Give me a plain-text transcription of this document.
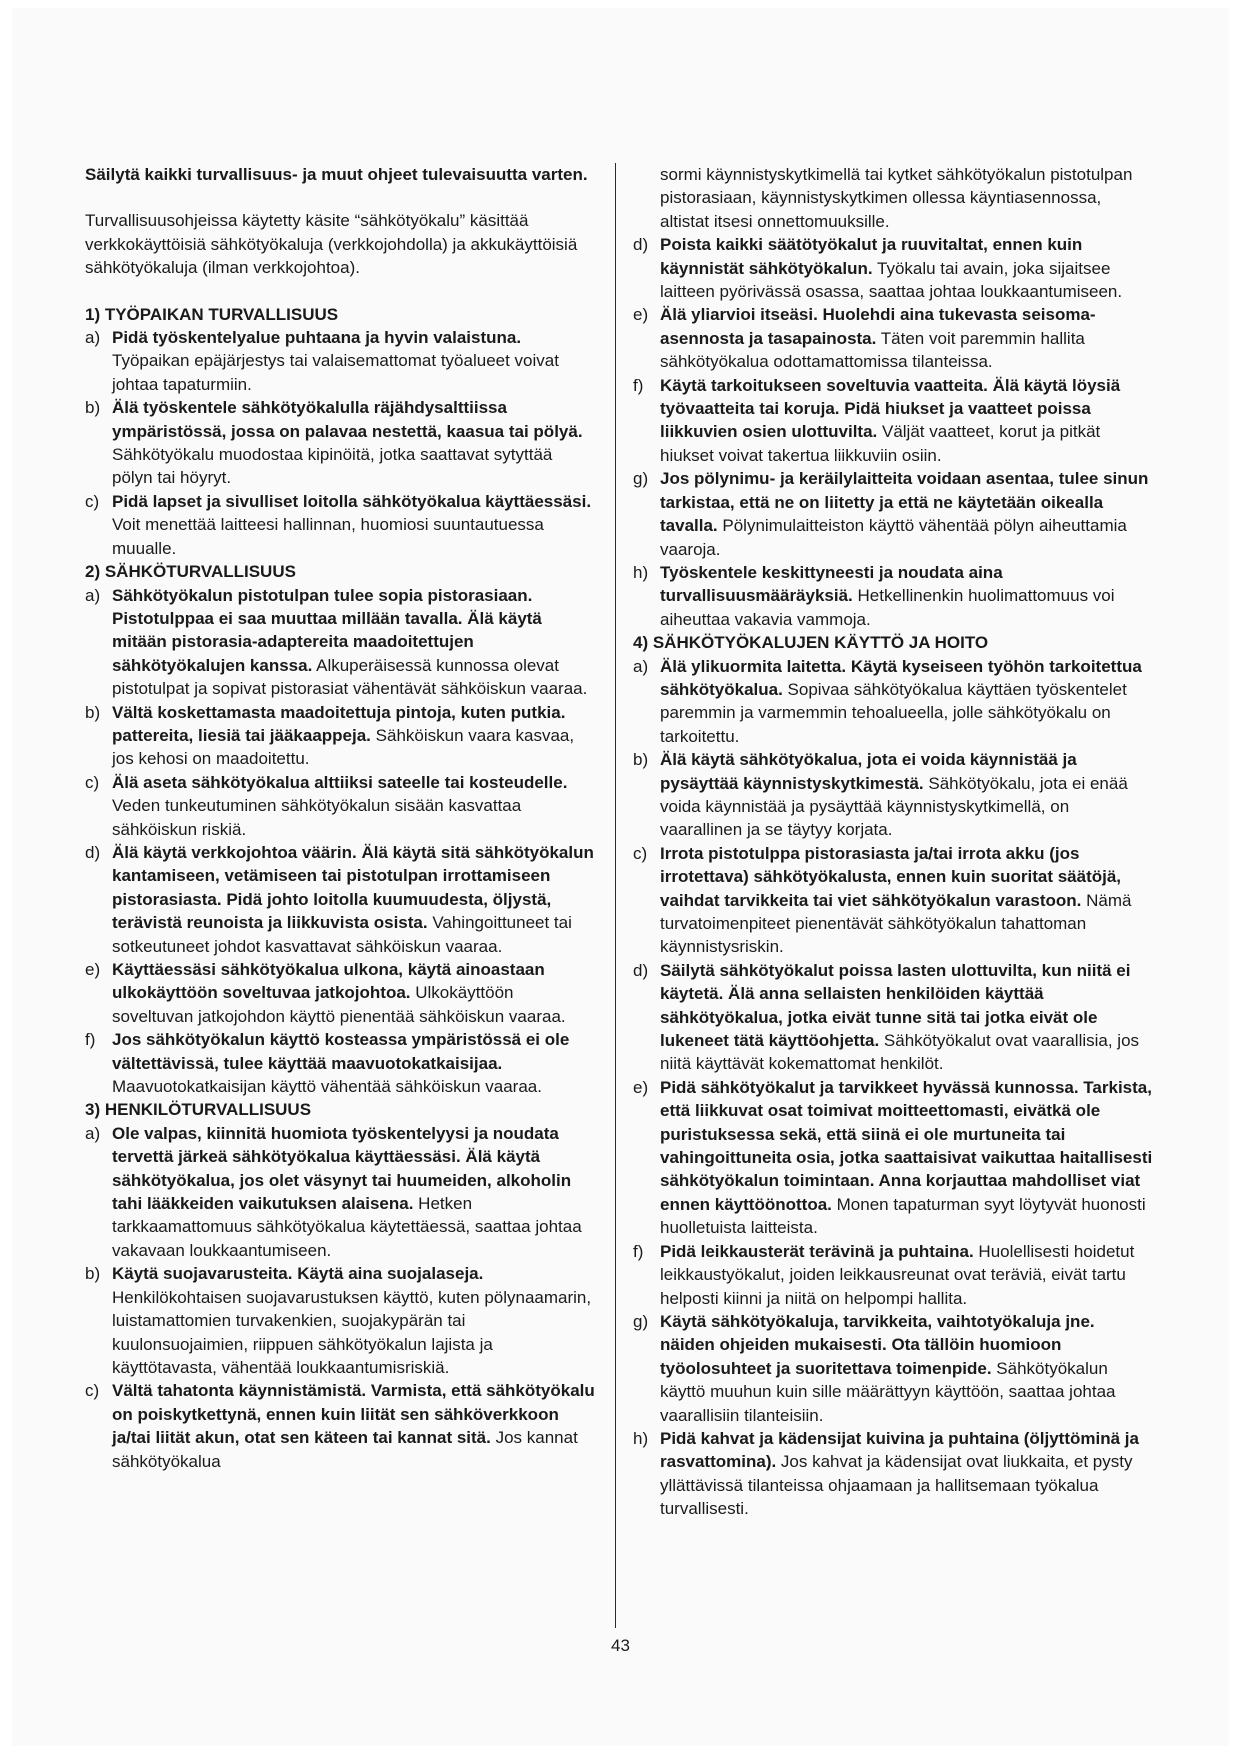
Säilytä kaikki turvallisuus- ja muut ohjeet tulevaisuutta varten.

Turvallisuusohjeissa käytetty käsite “sähkötyökalu” käsittää verkkokäyttöisiä sähkötyökaluja (verkkojohdolla) ja akkukäyttöisiä sähkötyökaluja (ilman verkkojohtoa).

1) TYÖPAIKAN TURVALLISUUS

a) Pidä työskentelyalue puhtaana ja hyvin valaistuna. Työpaikan epäjärjestys tai valaisemattomat työalueet voivat johtaa tapaturmiin.
b) Älä työskentele sähkötyökalulla räjähdysalttiissa ympäristössä, jossa on palavaa nestettä, kaasua tai pölyä. Sähkötyökalu muodostaa kipinöitä, jotka saattavat sytyttää pölyn tai höyryt.
c) Pidä lapset ja sivulliset loitolla sähkötyökalua käyttäessäsi. Voit menettää laitteesi hallinnan, huomiosi suuntautuessa muualle.

2) SÄHKÖTURVALLISUUS

a) Sähkötyökalun pistotulpan tulee sopia pistorasiaan. Pistotulppaa ei saa muuttaa millään tavalla. Älä käytä mitään pistorasia-adaptereita maadoitettujen sähkötyökalujen kanssa. Alkuperäisessä kunnossa olevat pistotulpat ja sopivat pistorasiat vähentävät sähköiskun vaaraa.
b) Vältä koskettamasta maadoitettuja pintoja, kuten putkia. pattereita, liesiä tai jääkaappeja. Sähköiskun vaara kasvaa, jos kehosi on maadoitettu.
c) Älä aseta sähkötyökalua alttiiksi sateelle tai kosteudelle. Veden tunkeutuminen sähkötyökalun sisään kasvattaa sähköiskun riskiä.
d) Älä käytä verkkojohtoa väärin. Älä käytä sitä sähkötyökalun kantamiseen, vetämiseen tai pistotulpan irrottamiseen pistorasiasta. Pidä johto loitolla kuumuudesta, öljystä, terävistä reunoista ja liikkuvista osista. Vahingoittuneet tai sotkeutuneet johdot kasvattavat sähköiskun vaaraa.
e) Käyttäessäsi sähkötyökalua ulkona, käytä ainoastaan ulkokäyttöön soveltuvaa jatkojohtoa. Ulkokäyttöön soveltuvan jatkojohdon käyttö pienentää sähköiskun vaaraa.
f) Jos sähkötyökalun käyttö kosteassa ympäristössä ei ole vältettävissä, tulee käyttää maavuotokatkaisijaa. Maavuotokatkaisijan käyttö vähentää sähköiskun vaaraa.

3) HENKILÖTURVALLISUUS

a) Ole valpas, kiinnitä huomiota työskentelyysi ja noudata tervettä järkeä sähkötyökalua käyttäessäsi. Älä käytä sähkötyökalua, jos olet väsynyt tai huumeiden, alkoholin tahi lääkkeiden vaikutuksen alaisena. Hetken tarkkaamattomuus sähkötyökalua käytettäessä, saattaa johtaa vakavaan loukkaantumiseen.
b) Käytä suojavarusteita. Käytä aina suojalaseja. Henkilökohtaisen suojavarustuksen käyttö, kuten pölynaamarin, luistamattomien turvakenkien, suojakypärän tai kuulonsuojaimien, riippuen sähkötyökalun lajista ja käyttötavasta, vähentää loukkaantumisriskiä.
c) Vältä tahatonta käynnistämistä. Varmista, että sähkötyökalu on poiskytkettynä, ennen kuin liität sen sähköverkkoon ja/tai liität akun, otat sen käteen tai kannat sitä. Jos kannat sähkötyökalua
sormi käynnistyskytkimellä tai kytket sähkötyökalun pistotulpan pistorasiaan, käynnistyskytkimen ollessa käyntiasennossa, altistat itsesi onnettomuuksille.
d) Poista kaikki säätötyökalut ja ruuvitaltat, ennen kuin käynnistät sähkötyökalun. Työkalu tai avain, joka sijaitsee laitteen pyörivässä osassa, saattaa johtaa loukkaantumiseen.
e) Älä yliarvioi itseäsi. Huolehdi aina tukevasta seisoma-asennosta ja tasapainosta. Täten voit paremmin hallita sähkötyökalua odottamattomissa tilanteissa.
f) Käytä tarkoitukseen soveltuvia vaatteita. Älä käytä löysiä työvaatteita tai koruja. Pidä hiukset ja vaatteet poissa liikkuvien osien ulottuvilta. Väljät vaatteet, korut ja pitkät hiukset voivat takertua liikkuviin osiin.
g) Jos pölynimu- ja keräilylaitteita voidaan asentaa, tulee sinun tarkistaa, että ne on liitetty ja että ne käytetään oikealla tavalla. Pölynimulaitteiston käyttö vähentää pölyn aiheuttamia vaaroja.
h) Työskentele keskittyneesti ja noudata aina turvallisuusmääräyksiä. Hetkellinenkin huolimattomuus voi aiheuttaa vakavia vammoja.

4) SÄHKÖTYÖKALUJEN KÄYTTÖ JA HOITO

a) Älä ylikuormita laitetta. Käytä kyseiseen työhön tarkoitettua sähkötyökalua. Sopivaa sähkötyökalua käyttäen työskentelet paremmin ja varmemmin tehoalueella, jolle sähkötyökalu on tarkoitettu.
b) Älä käytä sähkötyökalua, jota ei voida käynnistää ja pysäyttää käynnistyskytkimestä. Sähkötyökalu, jota ei enää voida käynnistää ja pysäyttää käynnistyskytkimellä, on vaarallinen ja se täytyy korjata.
c) Irrota pistotulppa pistorasiasta ja/tai irrota akku (jos irrotettava) sähkötyökalusta, ennen kuin suoritat säätöjä, vaihdat tarvikkeita tai viet sähkötyökalun varastoon. Nämä turvatoimenpiteet pienentävät sähkötyökalun tahattoman käynnistysriskin.
d) Säilytä sähkötyökalut poissa lasten ulottuvilta, kun niitä ei käytetä. Älä anna sellaisten henkilöiden käyttää sähkötyökalua, jotka eivät tunne sitä tai jotka eivät ole lukeneet tätä käyttöohjetta. Sähkötyökalut ovat vaarallisia, jos niitä käyttävät kokemattomat henkilöt.
e) Pidä sähkötyökalut ja tarvikkeet hyvässä kunnossa. Tarkista, että liikkuvat osat toimivat moitteettomasti, eivätkä ole puristuksessa sekä, että siinä ei ole murtuneita tai vahingoittuneita osia, jotka saattaisivat vaikuttaa haitallisesti sähkötyökalun toimintaan. Anna korjauttaa mahdolliset viat ennen käyttöönottoa. Monen tapaturman syyt löytyvät huonosti huolletuista laitteista.
f) Pidä leikkausterät terävinä ja puhtaina. Huolellisesti hoidetut leikkaustyökalut, joiden leikkausreunat ovat teräviä, eivät tartu helposti kiinni ja niitä on helpompi hallita.
g) Käytä sähkötyökaluja, tarvikkeita, vaihtotyökaluja jne. näiden ohjeiden mukaisesti. Ota tällöin huomioon työolosuhteet ja suoritettava toimenpide. Sähkötyökalun käyttö muuhun kuin sille määrättyyn käyttöön, saattaa johtaa vaarallisiin tilanteisiin.
h) Pidä kahvat ja kädensijat kuivina ja puhtaina (öljyttöminä ja rasvattomina). Jos kahvat ja kädensijat ovat liukkaita, et pysty yllättävissä tilanteissa ohjaamaan ja hallitsemaan työkalua turvallisesti.
43
